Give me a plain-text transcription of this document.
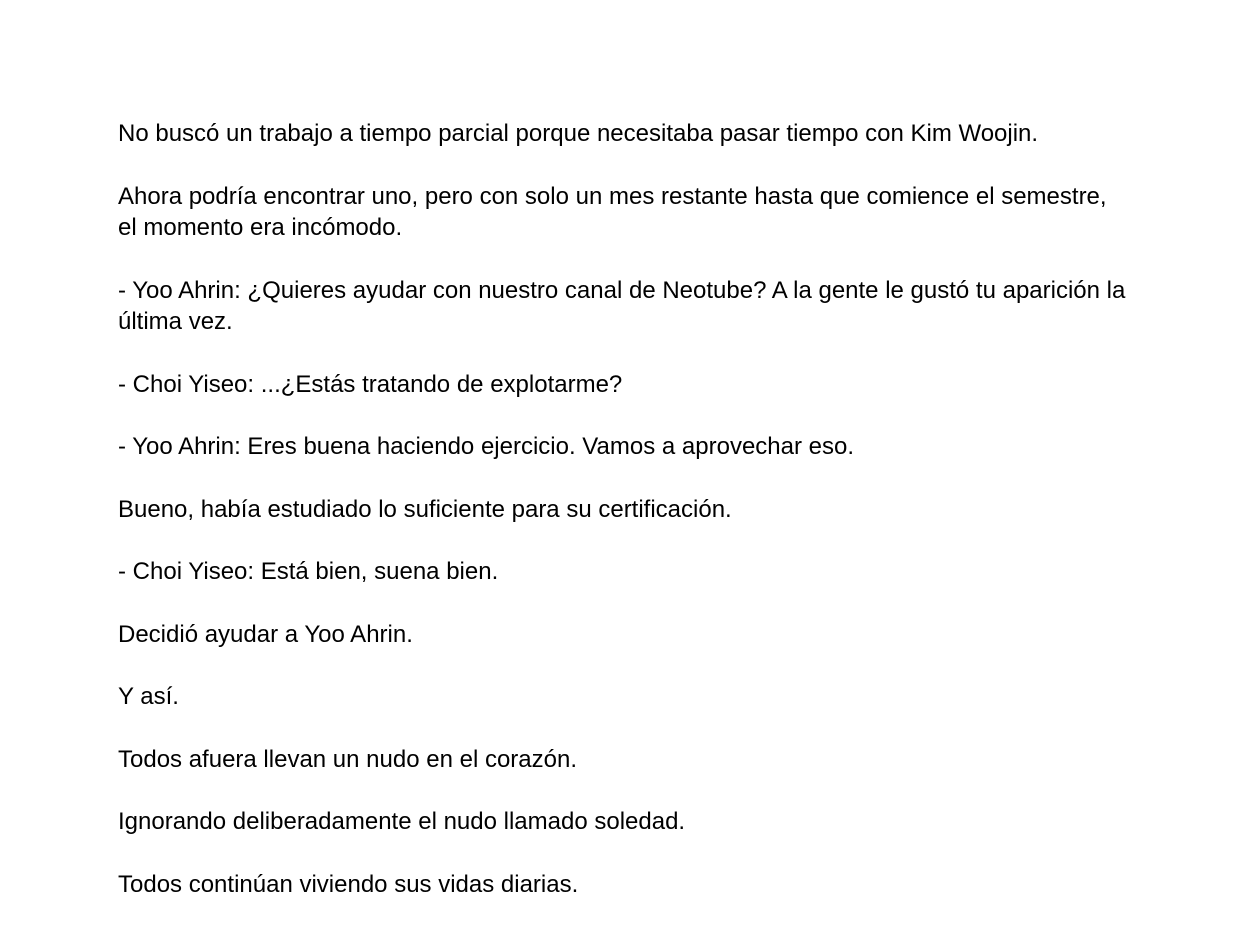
No buscó un trabajo a tiempo parcial porque necesitaba pasar tiempo con Kim Woojin.

Ahora podría encontrar uno, pero con solo un mes restante hasta que comience el semestre, el momento era incómodo.

- Yoo Ahrin: ¿Quieres ayudar con nuestro canal de Neotube? A la gente le gustó tu aparición la última vez.

- Choi Yiseo: ...¿Estás tratando de explotarme?

- Yoo Ahrin: Eres buena haciendo ejercicio. Vamos a aprovechar eso.

Bueno, había estudiado lo suficiente para su certificación.

- Choi Yiseo: Está bien, suena bien.

Decidió ayudar a Yoo Ahrin.

Y así.

Todos afuera llevan un nudo en el corazón.

Ignorando deliberadamente el nudo llamado soledad.

Todos continúan viviendo sus vidas diarias.
